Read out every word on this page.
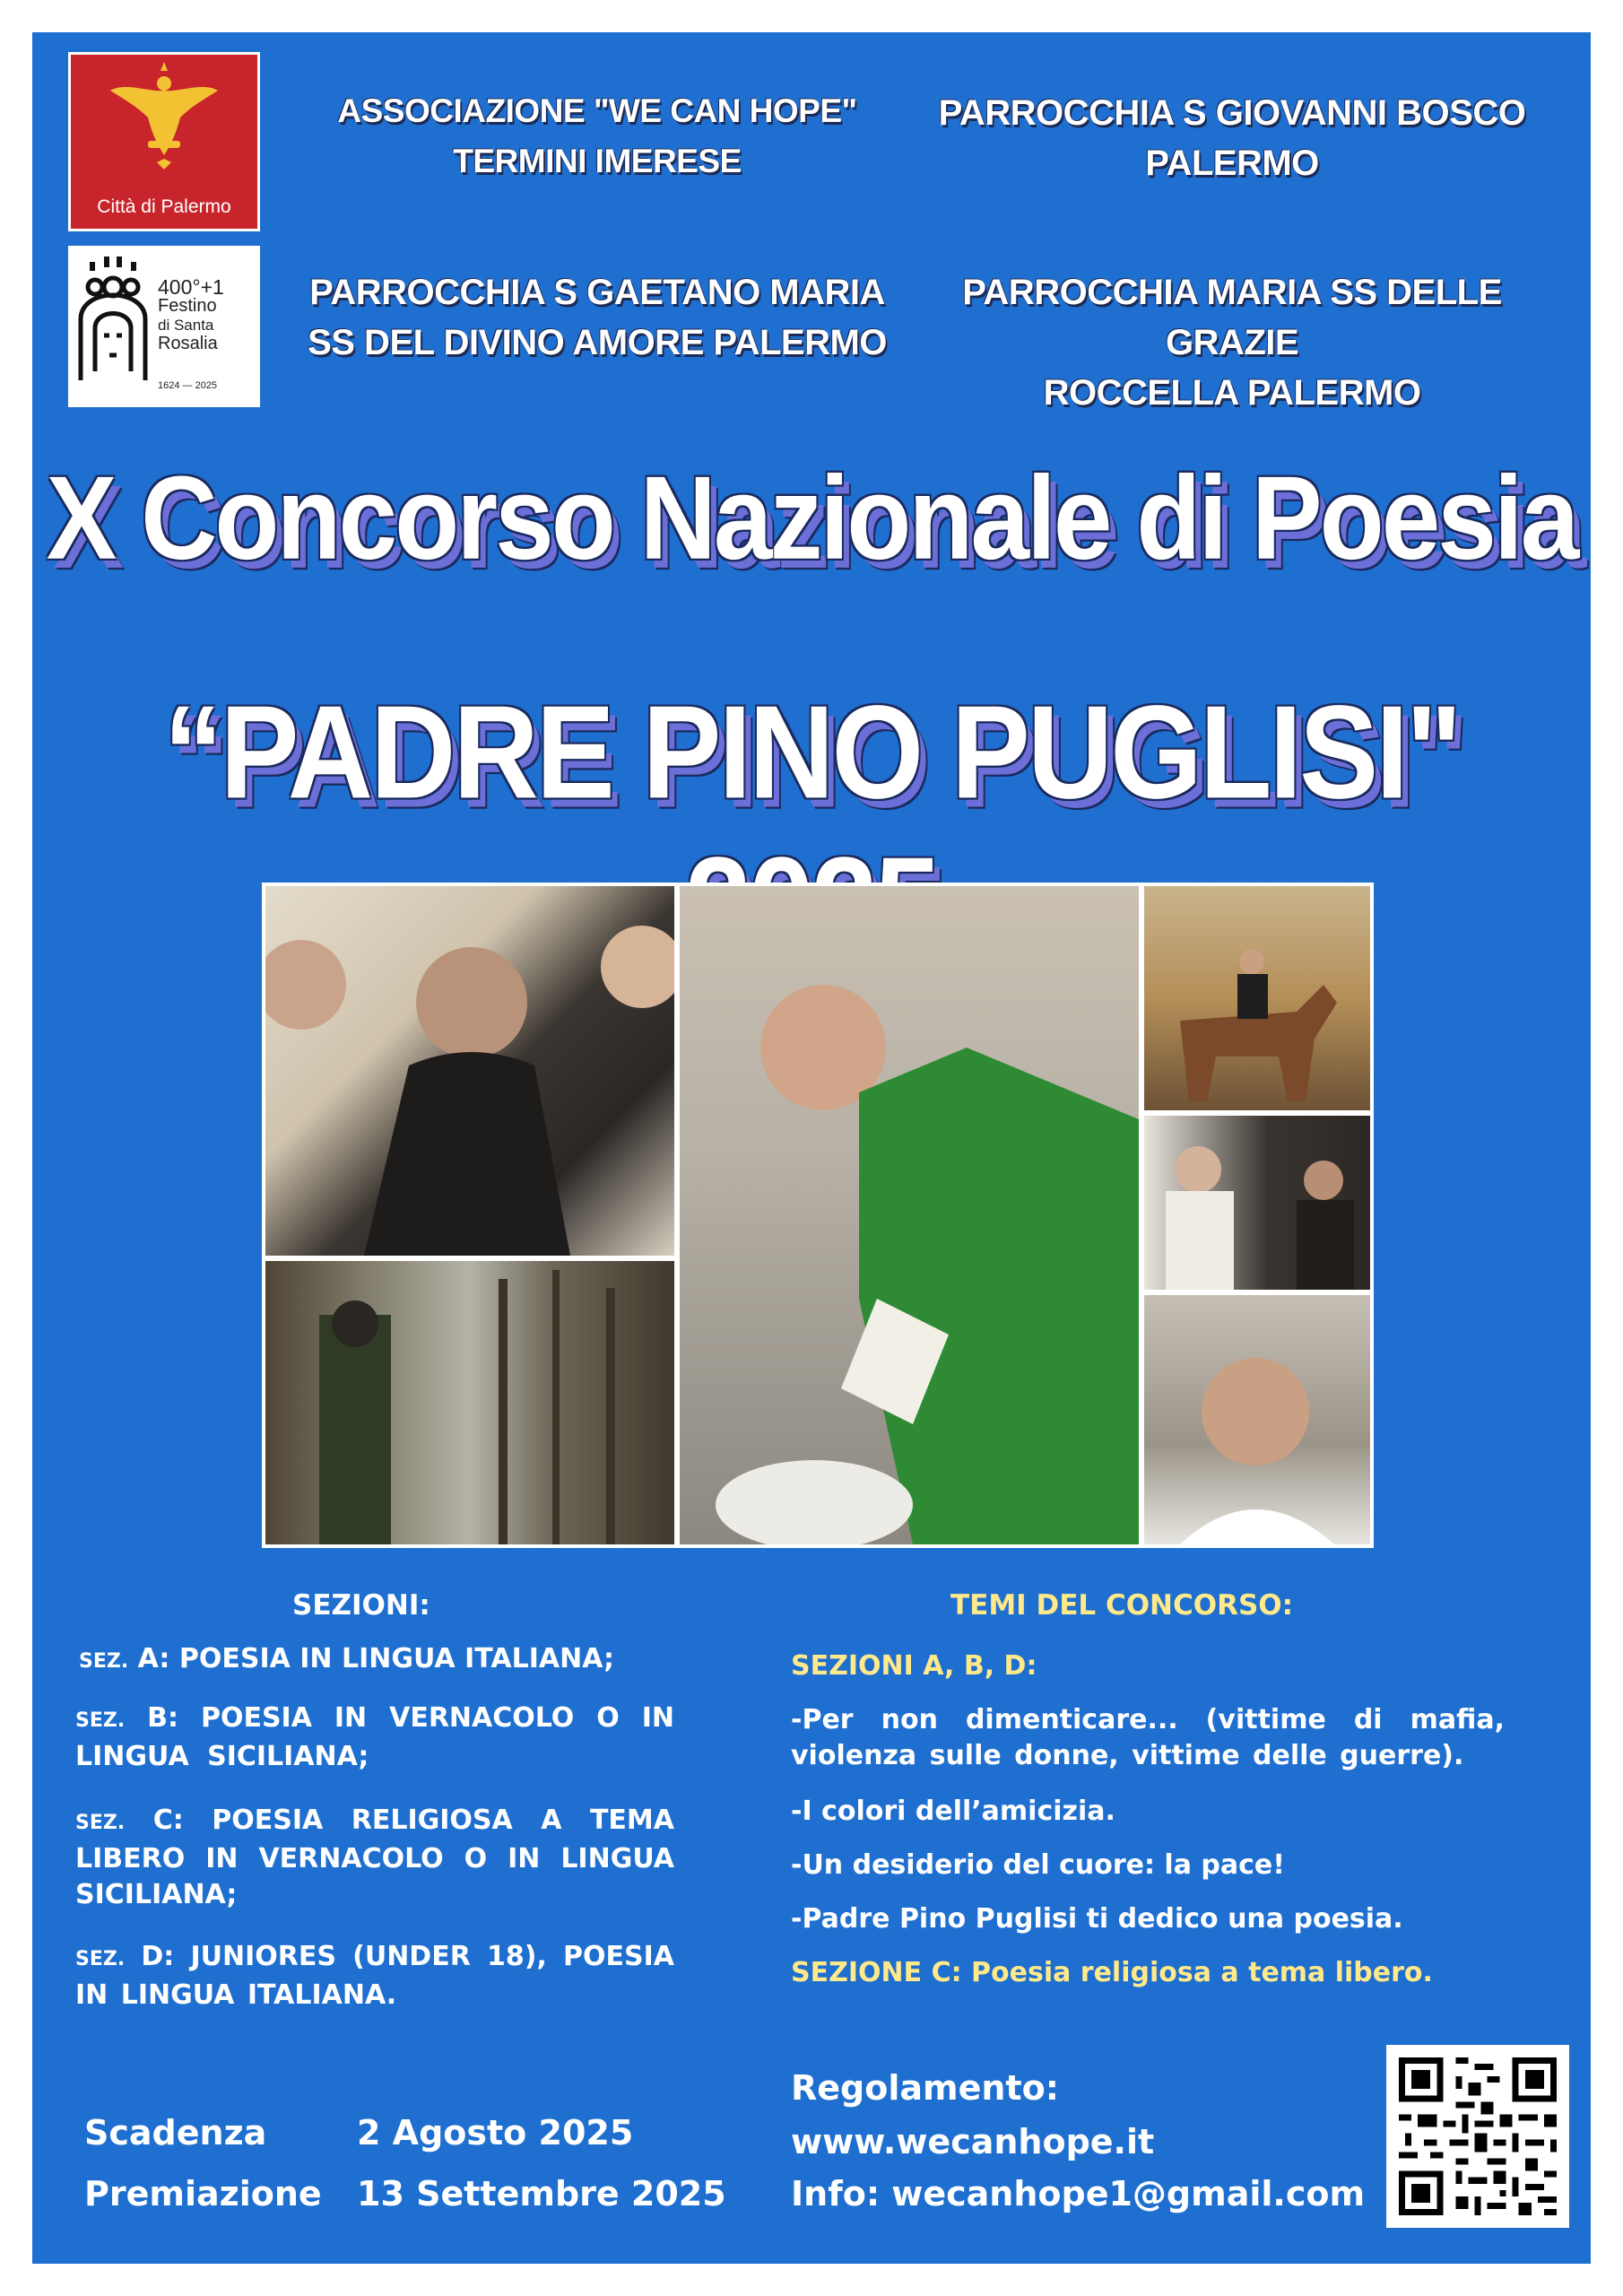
Città di Palermo
400°+1
Festino
di Santa
Rosalia
1624 — 2025
ASSOCIAZIONE "WE CAN HOPE"
TERMINI IMERESE
PARROCCHIA S GIOVANNI BOSCO
PALERMO
PARROCCHIA S GAETANO MARIA
SS DEL DIVINO AMORE PALERMO
PARROCCHIA MARIA SS DELLE GRAZIE
ROCCELLA PALERMO
X Concorso Nazionale di Poesia
“PADRE PINO PUGLISI"
SEZIONI:
SEZ. A: POESIA IN LINGUA ITALIANA;
SEZ. B: POESIA IN VERNACOLO O IN LINGUA SICILIANA;
SEZ. C: POESIA RELIGIOSA A TEMA LIBERO IN VERNACOLO O IN LINGUA SICILIANA;
SEZ. D: JUNIORES (UNDER 18), POESIA IN LINGUA ITALIANA.
TEMI DEL CONCORSO:
SEZIONI A, B, D:
-Per non dimenticare... (vittime di mafia, violenza sulle donne, vittime delle guerre).
-I colori dell’amicizia.
-Un desiderio del cuore: la pace!
-Padre Pino Puglisi ti dedico una poesia.
SEZIONE C: Poesia religiosa a tema libero.
Scadenza	2 Agosto 2025
Premiazione 13 Settembre 2025
Regolamento:
www.wecanhope.it
Info: wecanhope1@gmail.com
